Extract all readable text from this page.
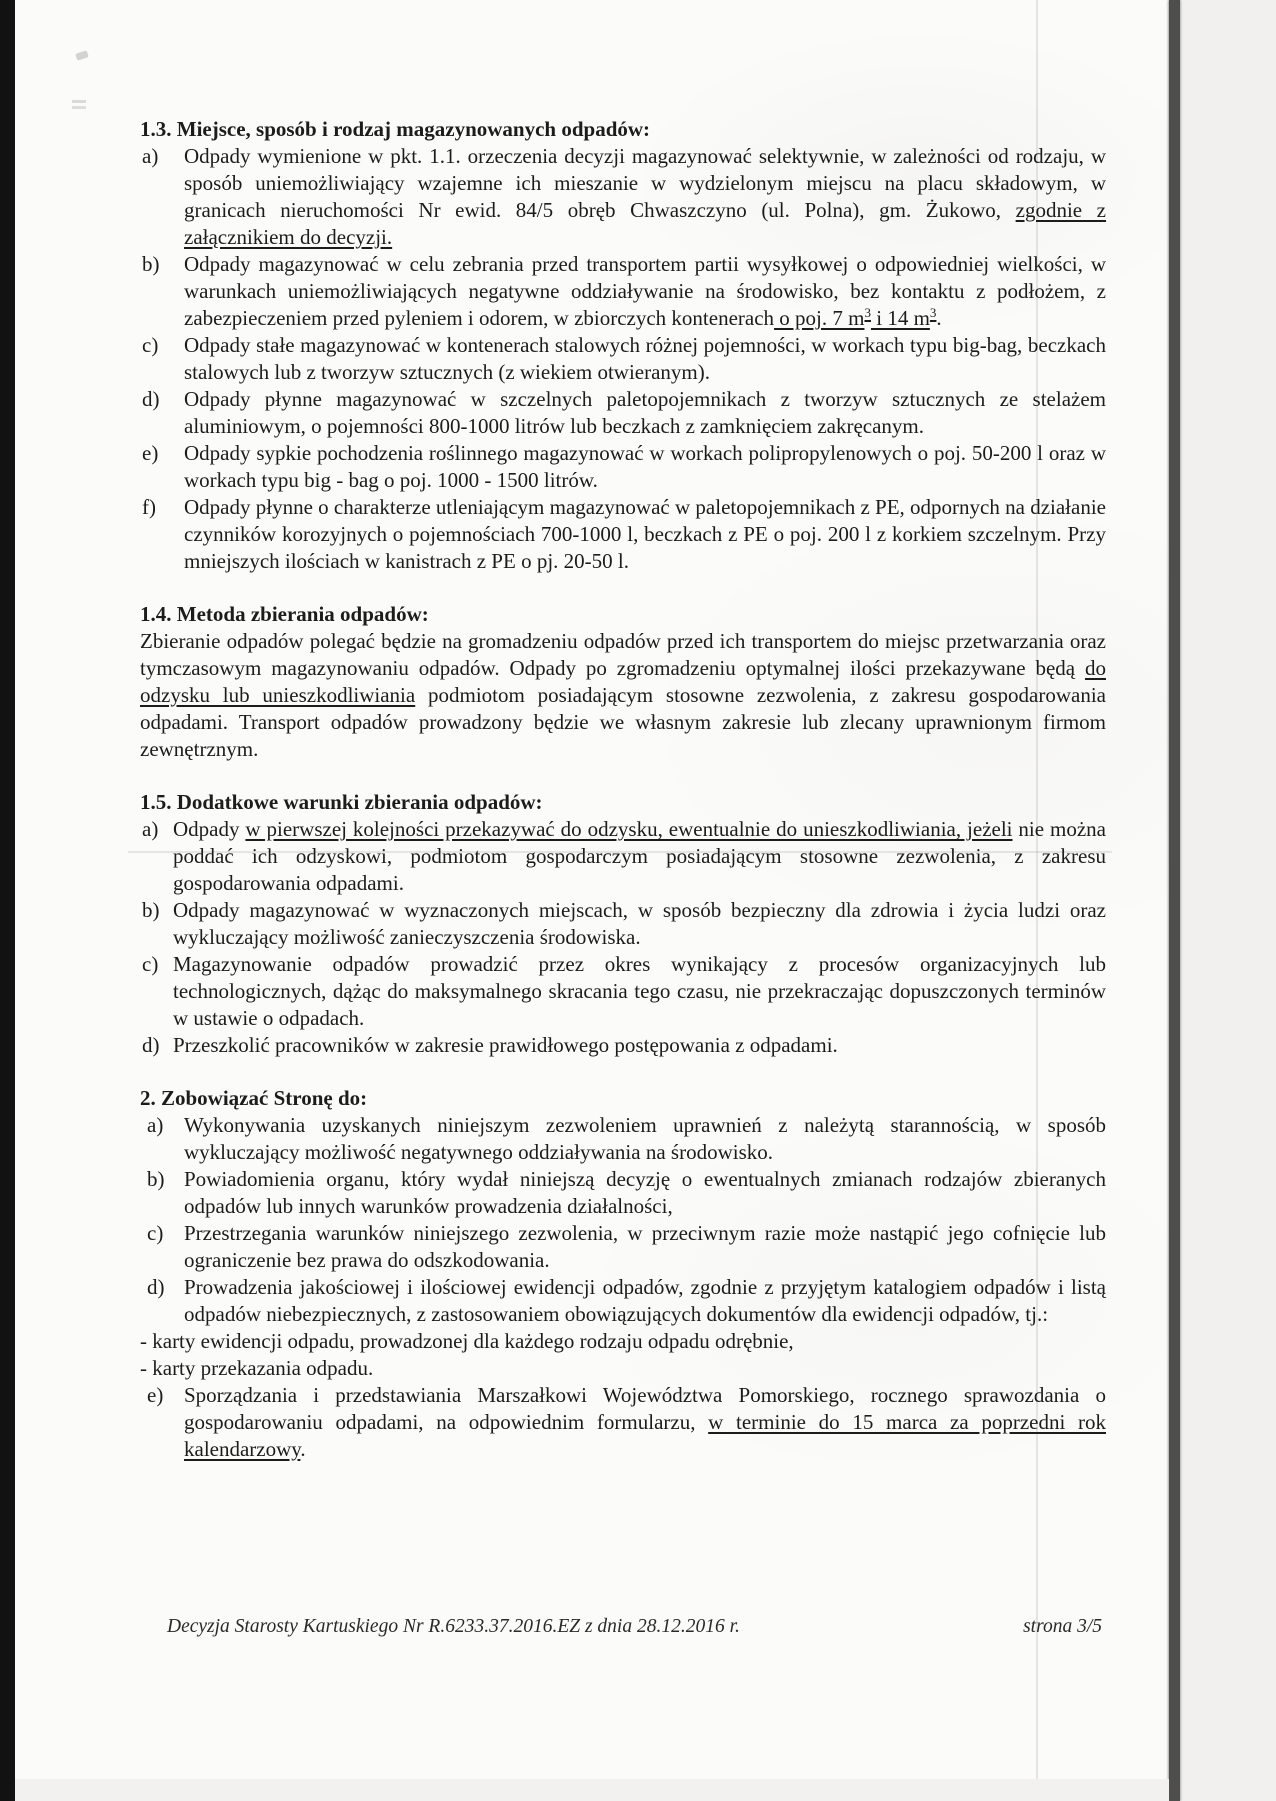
1.3. Miejsce, sposób i rodzaj magazynowanych odpadów:
a) Odpady wymienione w pkt. 1.1. orzeczenia decyzji magazynować selektywnie, w zależności od rodzaju, w sposób uniemożliwiający wzajemne ich mieszanie w wydzielonym miejscu na placu składowym, w granicach nieruchomości Nr ewid. 84/5 obręb Chwaszczyno (ul. Polna), gm. Żukowo, zgodnie z załącznikiem do decyzji.
b) Odpady magazynować w celu zebrania przed transportem partii wysyłkowej o odpowiedniej wielkości, w warunkach uniemożliwiających negatywne oddziaływanie na środowisko, bez kontaktu z podłożem, z zabezpieczeniem przed pyleniem i odorem, w zbiorczych kontenerach o poj. 7 $m^3$ i 14 $m^3$.
c) Odpady stałe magazynować w kontenerach stalowych różnej pojemności, w workach typu big-bag, beczkach stalowych lub z tworzyw sztucznych (z wiekiem otwieranym).
d) Odpady płynne magazynować w szczelnych paletopojemnikach z tworzyw sztucznych ze stelażem aluminiowym, o pojemności 800-1000 litrów lub beczkach z zamknięciem zakręcanym.
e) Odpady sypkie pochodzenia roślinnego magazynować w workach polipropylenowych o poj. 50-200 l oraz w workach typu big - bag o poj. 1000 - 1500 litrów.
f) Odpady płynne o charakterze utleniającym magazynować w paletopojemnikach z PE, odpornych na działanie czynników korozyjnych o pojemnościach 700-1000 l, beczkach z PE o poj. 200 l z korkiem szczelnym. Przy mniejszych ilościach w kanistrach z PE o pj. 20-50 l.
1.4. Metoda zbierania odpadów:
Zbieranie odpadów polegać będzie na gromadzeniu odpadów przed ich transportem do miejsc przetwarzania oraz tymczasowym magazynowaniu odpadów. Odpady po zgromadzeniu optymalnej ilości przekazywane będą do odzysku lub unieszkodliwiania podmiotom posiadającym stosowne zezwolenia, z zakresu gospodarowania odpadami. Transport odpadów prowadzony będzie we własnym zakresie lub zlecany uprawnionym firmom zewnętrznym.
1.5. Dodatkowe warunki zbierania odpadów:
a) Odpady w pierwszej kolejności przekazywać do odzysku, ewentualnie do unieszkodliwiania, jeżeli nie można poddać ich odzyskowi, podmiotom gospodarczym posiadającym stosowne zezwolenia, z zakresu gospodarowania odpadami.
b) Odpady magazynować w wyznaczonych miejscach, w sposób bezpieczny dla zdrowia i życia ludzi oraz wykluczający możliwość zanieczyszczenia środowiska.
c) Magazynowanie odpadów prowadzić przez okres wynikający z procesów organizacyjnych lub technologicznych, dążąc do maksymalnego skracania tego czasu, nie przekraczając dopuszczonych terminów w ustawie o odpadach.
d) Przeszkolić pracowników w zakresie prawidłowego postępowania z odpadami.
2. Zobowiązać Stronę do:
a) Wykonywania uzyskanych niniejszym zezwoleniem uprawnień z należytą starannością, w sposób wykluczający możliwość negatywnego oddziaływania na środowisko.
b) Powiadomienia organu, który wydał niniejszą decyzję o ewentualnych zmianach rodzajów zbieranych odpadów lub innych warunków prowadzenia działalności,
c) Przestrzegania warunków niniejszego zezwolenia, w przeciwnym razie może nastąpić jego cofnięcie lub ograniczenie bez prawa do odszkodowania.
d) Prowadzenia jakościowej i ilościowej ewidencji odpadów, zgodnie z przyjętym katalogiem odpadów i listą odpadów niebezpiecznych, z zastosowaniem obowiązujących dokumentów dla ewidencji odpadów, tj.:
- karty ewidencji odpadu, prowadzonej dla każdego rodzaju odpadu odrębnie,
- karty przekazania odpadu.
e) Sporządzania i przedstawiania Marszałkowi Województwa Pomorskiego, rocznego sprawozdania o gospodarowaniu odpadami, na odpowiednim formularzu, w terminie do 15 marca za poprzedni rok kalendarzowy.
Decyzja Starosty Kartuskiego Nr R.6233.37.2016.EZ z dnia 28.12.2016 r.	strona 3/5
